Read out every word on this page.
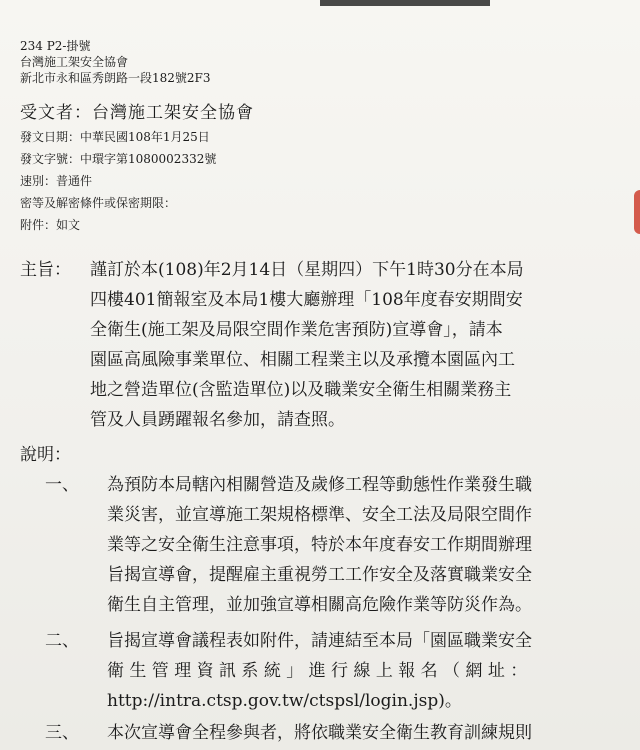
234 P2-掛號
台灣施工架安全協會
新北市永和區秀朗路一段182號2F3
受文者：台灣施工架安全協會
發文日期：中華民國108年1月25日
發文字號：中環字第1080002332號
速別：普通件
密等及解密條件或保密期限：
附件：如文
主旨： 謹訂於本(108)年2月14日（星期四）下午1時30分在本局
四樓401簡報室及本局1樓大廳辦理「108年度春安期間安
全衛生(施工架及局限空間作業危害預防)宣導會」，請本
園區高風險事業單位、相關工程業主以及承攬本園區內工
地之營造單位(含監造單位)以及職業安全衛生相關業務主
管及人員踴躍報名參加，請查照。
說明：
一、 為預防本局轄內相關營造及歲修工程等動態性作業發生職
業災害，並宣導施工架規格標準、安全工法及局限空間作
業等之安全衛生注意事項，特於本年度春安工作期間辦理
旨揭宣導會，提醒雇主重視勞工工作安全及落實職業安全
衛生自主管理，並加強宣導相關高危險作業等防災作為。
二、 旨揭宣導會議程表如附件，請連結至本局「園區職業安全
衛 生 管 理 資 訊 系 統 」 進 行 線 上 報 名 （ 網 址 ：
http://intra.ctsp.gov.tw/ctspsl/login.jsp)。
三、 本次宣導會全程參與者，將依職業安全衛生教育訓練規則
